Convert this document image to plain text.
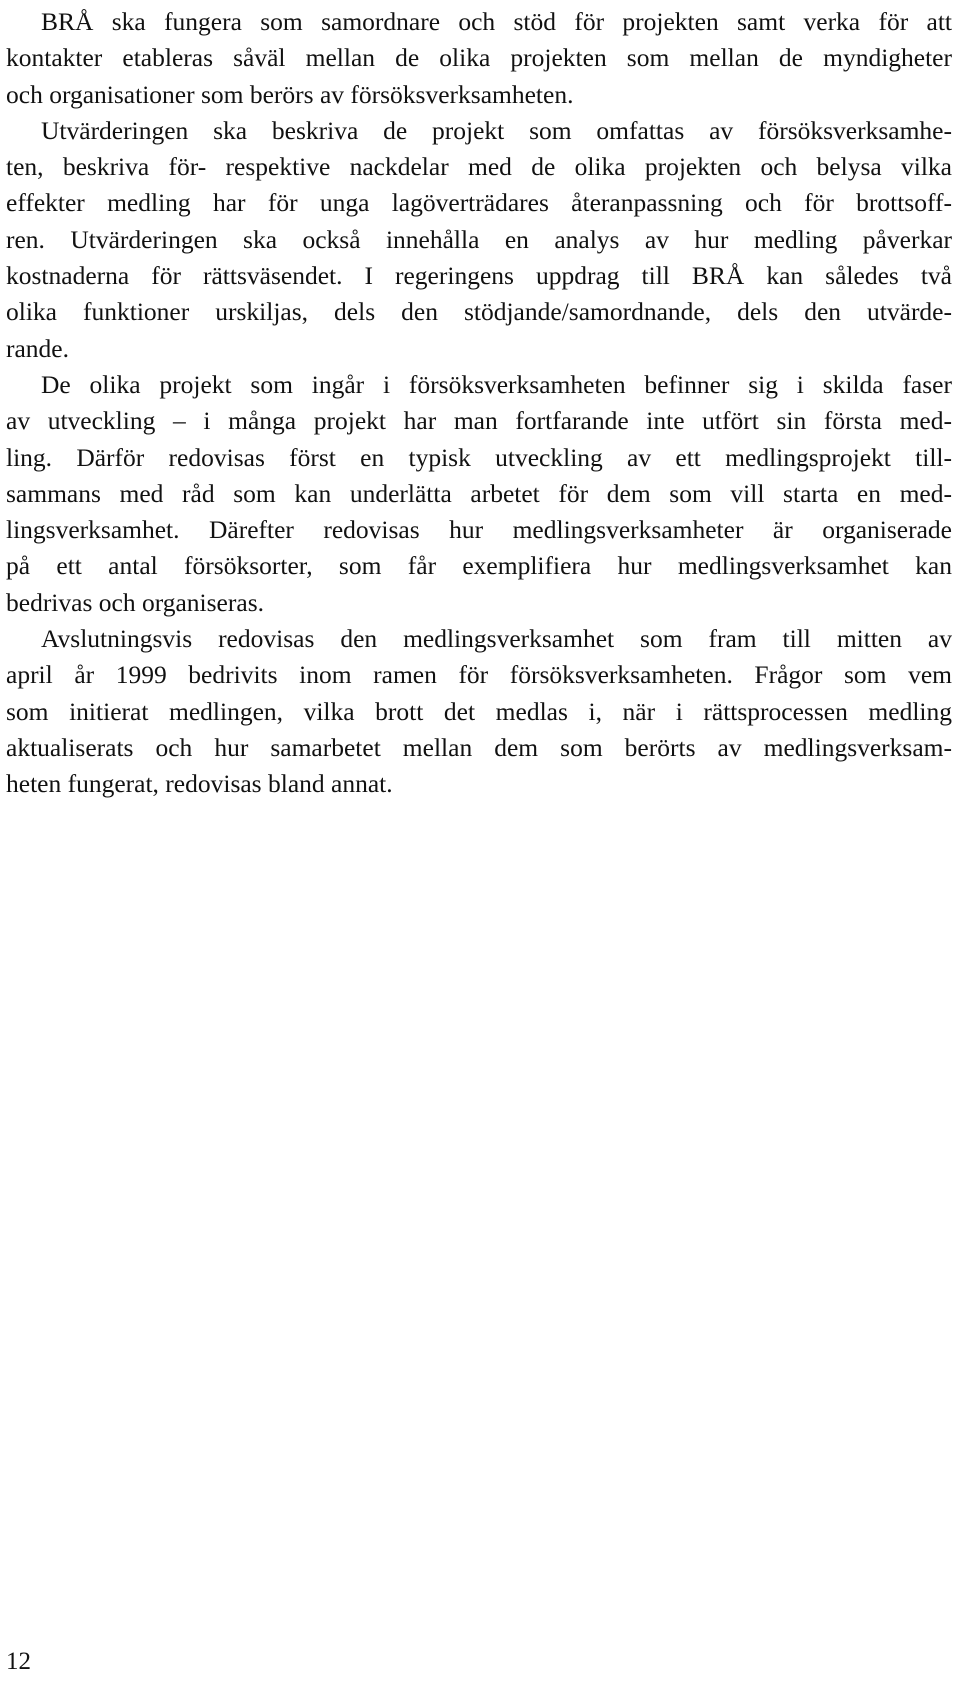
BRÅ ska fungera som samordnare och stöd för projekten samt verka för att
kontakter etableras såväl mellan de olika projekten som mellan de myndigheter
och organisationer som berörs av försöksverksamheten.
Utvärderingen ska beskriva de projekt som omfattas av försöksverksamhe-
ten, beskriva för- respektive nackdelar med de olika projekten och belysa vilka
effekter medling har för unga lagöverträdares återanpassning och för brottsoff-
ren. Utvärderingen ska också innehålla en analys av hur medling påverkar
kostnaderna för rättsväsendet. I regeringens uppdrag till BRÅ kan således två
olika funktioner urskiljas, dels den stödjande/samordnande, dels den utvärde-
rande.
De olika projekt som ingår i försöksverksamheten befinner sig i skilda faser
av utveckling – i många projekt har man fortfarande inte utfört sin första med-
ling. Därför redovisas först en typisk utveckling av ett medlingsprojekt till-
sammans med råd som kan underlätta arbetet för dem som vill starta en med-
lingsverksamhet. Därefter redovisas hur medlingsverksamheter är organiserade
på ett antal försöksorter, som får exemplifiera hur medlingsverksamhet kan
bedrivas och organiseras.
Avslutningsvis redovisas den medlingsverksamhet som fram till mitten av
april år 1999 bedrivits inom ramen för försöksverksamheten. Frågor som vem
som initierat medlingen, vilka brott det medlas i, när i rättsprocessen medling
aktualiserats och hur samarbetet mellan dem som berörts av medlingsverksam-
heten fungerat, redovisas bland annat.
12
